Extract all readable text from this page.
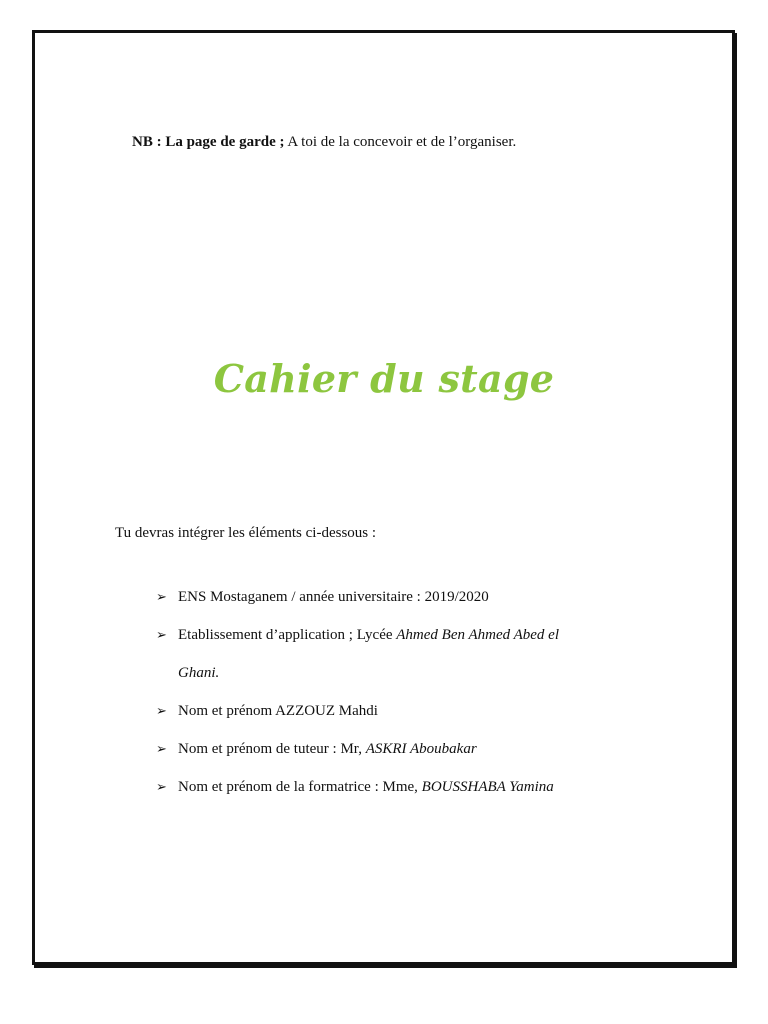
NB : La page de garde ; A toi de la concevoir et de l’organiser.
Cahier du stage
Tu devras intégrer les éléments ci-dessous :
➢ ENS Mostaganem / année universitaire : 2019/2020
➢ Etablissement d’application ; Lycée Ahmed Ben Ahmed Abed el
Ghani.
➢ Nom et prénom AZZOUZ Mahdi
➢ Nom et prénom de tuteur : Mr, ASKRI Aboubakar
➢ Nom et prénom de la formatrice : Mme, BOUSSHABA Yamina
